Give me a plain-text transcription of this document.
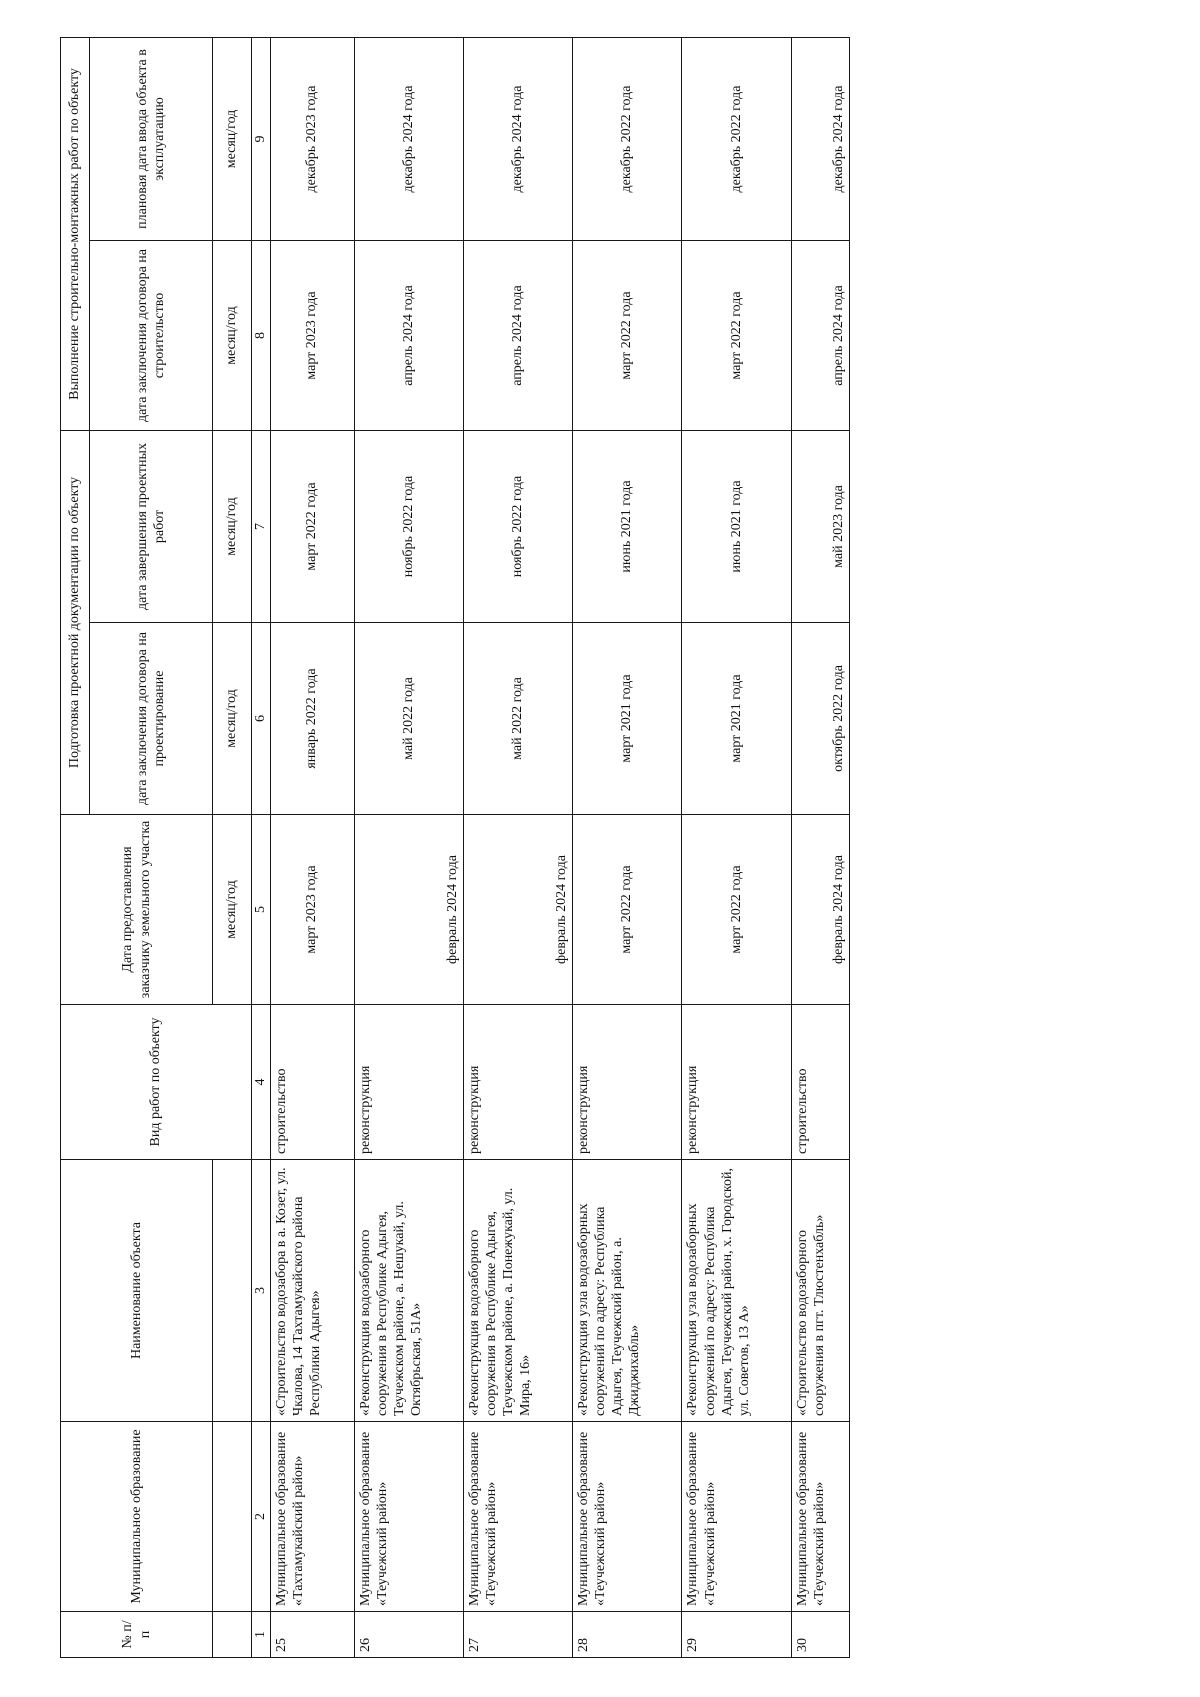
№ п/п	Муниципальное образование	Наименование объекта	Вид работ по объекту	Дата предоставления заказчику земельного участка	Подготовка проектной документации по объекту		Выполнение строительно-монтажных работ по объекту	
					дата заключения договора на проектирование	дата завершения проектных работ	дата заключения договора на строительство	плановая дата ввода объекта в эксплуатацию
				месяц/год	месяц/год	месяц/год	месяц/год	месяц/год
1	2	3	4	5	6	7	8	9
25	Муниципальное образование «Тахтамукайский район»	«Строительство водозабора в а. Козет, ул. Чкалова, 14 Тахтамукайского района Республики Адыгея»	строительство	март 2023 года	январь 2022 года	март 2022 года	март 2023 года	декабрь 2023 года
26	Муниципальное образование «Теучежский район»	«Реконструкция водозаборного сооружения в Республике Адыгея, Теучежском районе, а. Нешукай, ул. Октябрьская, 51А»	реконструкция	февраль 2024 года	май 2022 года	ноябрь 2022 года	апрель 2024 года	декабрь 2024 года
27	Муниципальное образование «Теучежский район»	«Реконструкция водозаборного сооружения в Республике Адыгея, Теучежском районе, а. Понежукай, ул. Мира, 16»	реконструкция	февраль 2024 года	май 2022 года	ноябрь 2022 года	апрель 2024 года	декабрь 2024 года
28	Муниципальное образование «Теучежский район»	«Реконструкция узла водозаборных сооружений по адресу: Республика Адыгея, Теучежский район, а. Джиджихабль»	реконструкция	март 2022 года	март 2021 года	июнь 2021 года	март 2022 года	декабрь 2022 года
29	Муниципальное образование «Теучежский район»	«Реконструкция узла водозаборных сооружений по адресу: Республика Адыгея, Теучежский район, х. Городской, ул. Советов, 13 А»	реконструкция	март 2022 года	март 2021 года	июнь 2021 года	март 2022 года	декабрь 2022 года
30	Муниципальное образование «Теучежский район»	«Строительство водозаборного сооружения в пгт. Тлюстенхабль»	строительство	февраль 2024 года	октябрь 2022 года	май 2023 года	апрель 2024 года	декабрь 2024 года
